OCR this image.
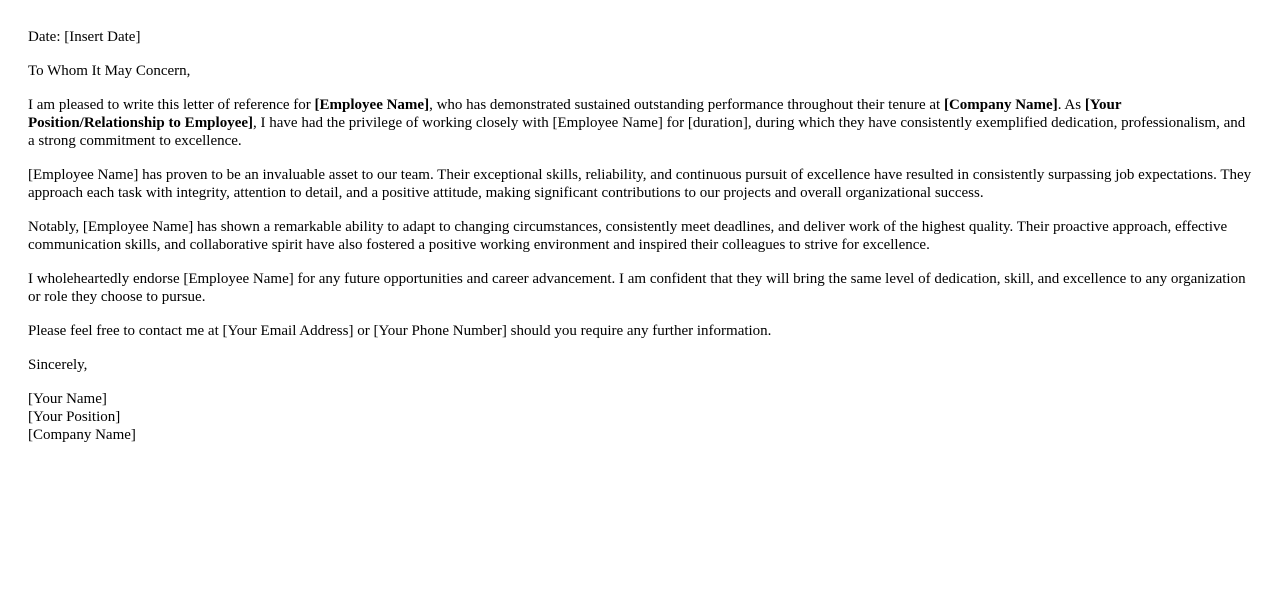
Date: [Insert Date]

To Whom It May Concern,

I am pleased to write this letter of reference for [Employee Name], who has demonstrated sustained outstanding performance throughout their tenure at [Company Name]. As [Your Position/Relationship to Employee], I have had the privilege of working closely with [Employee Name] for [duration], during which they have consistently exemplified dedication, professionalism, and a strong commitment to excellence.

[Employee Name] has proven to be an invaluable asset to our team. Their exceptional skills, reliability, and continuous pursuit of excellence have resulted in consistently surpassing job expectations. They approach each task with integrity, attention to detail, and a positive attitude, making significant contributions to our projects and overall organizational success.

Notably, [Employee Name] has shown a remarkable ability to adapt to changing circumstances, consistently meet deadlines, and deliver work of the highest quality. Their proactive approach, effective communication skills, and collaborative spirit have also fostered a positive working environment and inspired their colleagues to strive for excellence.

I wholeheartedly endorse [Employee Name] for any future opportunities and career advancement. I am confident that they will bring the same level of dedication, skill, and excellence to any organization or role they choose to pursue.

Please feel free to contact me at [Your Email Address] or [Your Phone Number] should you require any further information.

Sincerely,

[Your Name]
[Your Position]
[Company Name]
